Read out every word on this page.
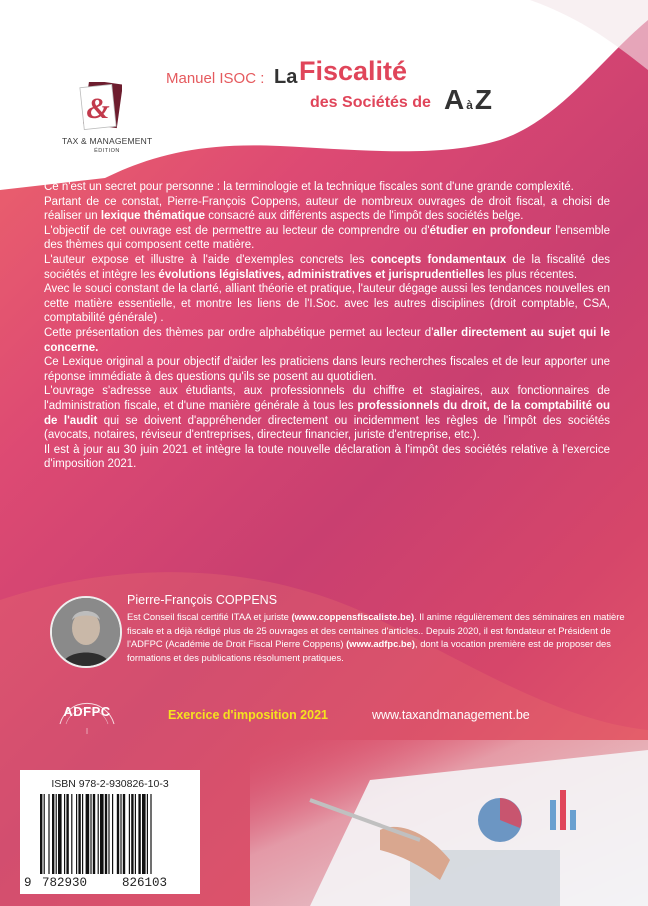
&
TAX & MANAGEMENT
ÉDITION
Manuel ISOC : La Fiscalité
des Sociétés de AàZ

Ce n'est un secret pour personne : la terminologie et la technique fiscales sont d'une grande complexité.

Partant de ce constat, Pierre-François Coppens, auteur de nombreux ouvrages de droit fiscal, a choisi de réaliser un lexique thématique consacré aux différents aspects de l'impôt des sociétés belge.

L'objectif de cet ouvrage est de permettre au lecteur de comprendre ou d'étudier en profondeur l'ensemble des thèmes qui composent cette matière.

L'auteur expose et illustre à l'aide d'exemples concrets les concepts fondamentaux de la fiscalité des sociétés et intègre les évolutions législatives, administratives et jurisprudentielles les plus récentes.

Avec le souci constant de la clarté, alliant théorie et pratique, l'auteur dégage aussi les tendances nouvelles en cette matière essentielle, et montre les liens de l'I.Soc. avec les autres disciplines (droit comptable, CSA, comptabilité générale) .

Cette présentation des thèmes par ordre alphabétique permet au lecteur d'aller directement au sujet qui le concerne.

Ce Lexique original a pour objectif d'aider les praticiens dans leurs recherches fiscales et de leur apporter une réponse immédiate à des questions qu'ils se posent au quotidien.

L'ouvrage s'adresse aux étudiants, aux professionnels du chiffre et stagiaires, aux fonctionnaires de l'administration fiscale, et d'une manière générale à tous les professionnels du droit, de la comptabilité ou de l'audit qui se doivent d'appréhender directement ou incidemment les règles de l'impôt des sociétés (avocats, notaires, réviseur d'entreprises, directeur financier, juriste d'entreprise, etc.).

Il est à jour au 30 juin 2021 et intègre la toute nouvelle déclaration à l'impôt des sociétés relative à l'exercice d'imposition 2021.

Pierre-François COPPENS

Est Conseil fiscal certifié ITAA et juriste (www.coppensfiscaliste.be). Il anime régulièrement des séminaires en matière fiscale et a déjà rédigé plus de 25 ouvrages et des centaines d'articles.. Depuis 2020, il est fondateur et Président de l'ADFPC (Académie de Droit Fiscal Pierre Coppens) (www.adfpc.be), dont la vocation première est de proposer des formations et des publications résolument pratiques.

ADFPC	Exercice d'imposition 2021	www.taxandmanagement.be
ISBN 978-2-930826-10-3
9 782930	826103
